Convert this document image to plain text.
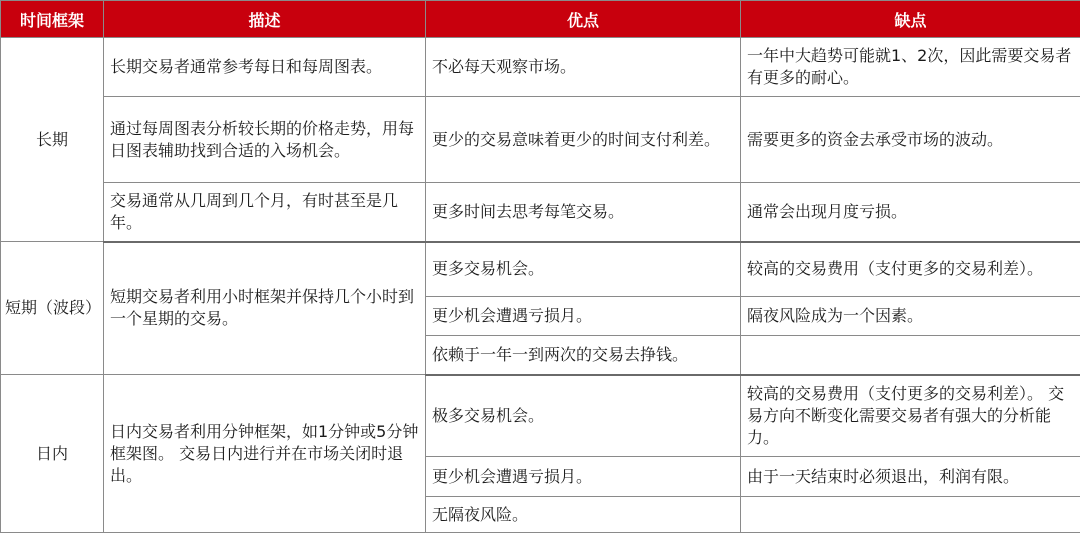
时间框架	描述	优点	缺点
长期	长期交易者通常参考每日和每周图表。	不必每天观察市场。	一年中大趋势可能就1、2次，因此需要交易者有更多的耐心。
	通过每周图表分析较长期的价格走势，用每日图表辅助找到合适的入场机会。	更少的交易意味着更少的时间支付利差。	需要更多的资金去承受市场的波动。
	交易通常从几周到几个月，有时甚至是几年。	更多时间去思考每笔交易。	通常会出现月度亏损。
短期（波段）	短期交易者利用小时框架并保持几个小时到一个星期的交易。	更多交易机会。	较高的交易费用（支付更多的交易利差）。
		更少机会遭遇亏损月。	隔夜风险成为一个因素。
		依赖于一年一到两次的交易去挣钱。	
日内	日内交易者利用分钟框架，如1分钟或5分钟框架图。 交易日内进行并在市场关闭时退出。	极多交易机会。	较高的交易费用（支付更多的交易利差）。 交易方向不断变化需要交易者有强大的分析能力。
		更少机会遭遇亏损月。	由于一天结束时必须退出，利润有限。
		无隔夜风险。	
